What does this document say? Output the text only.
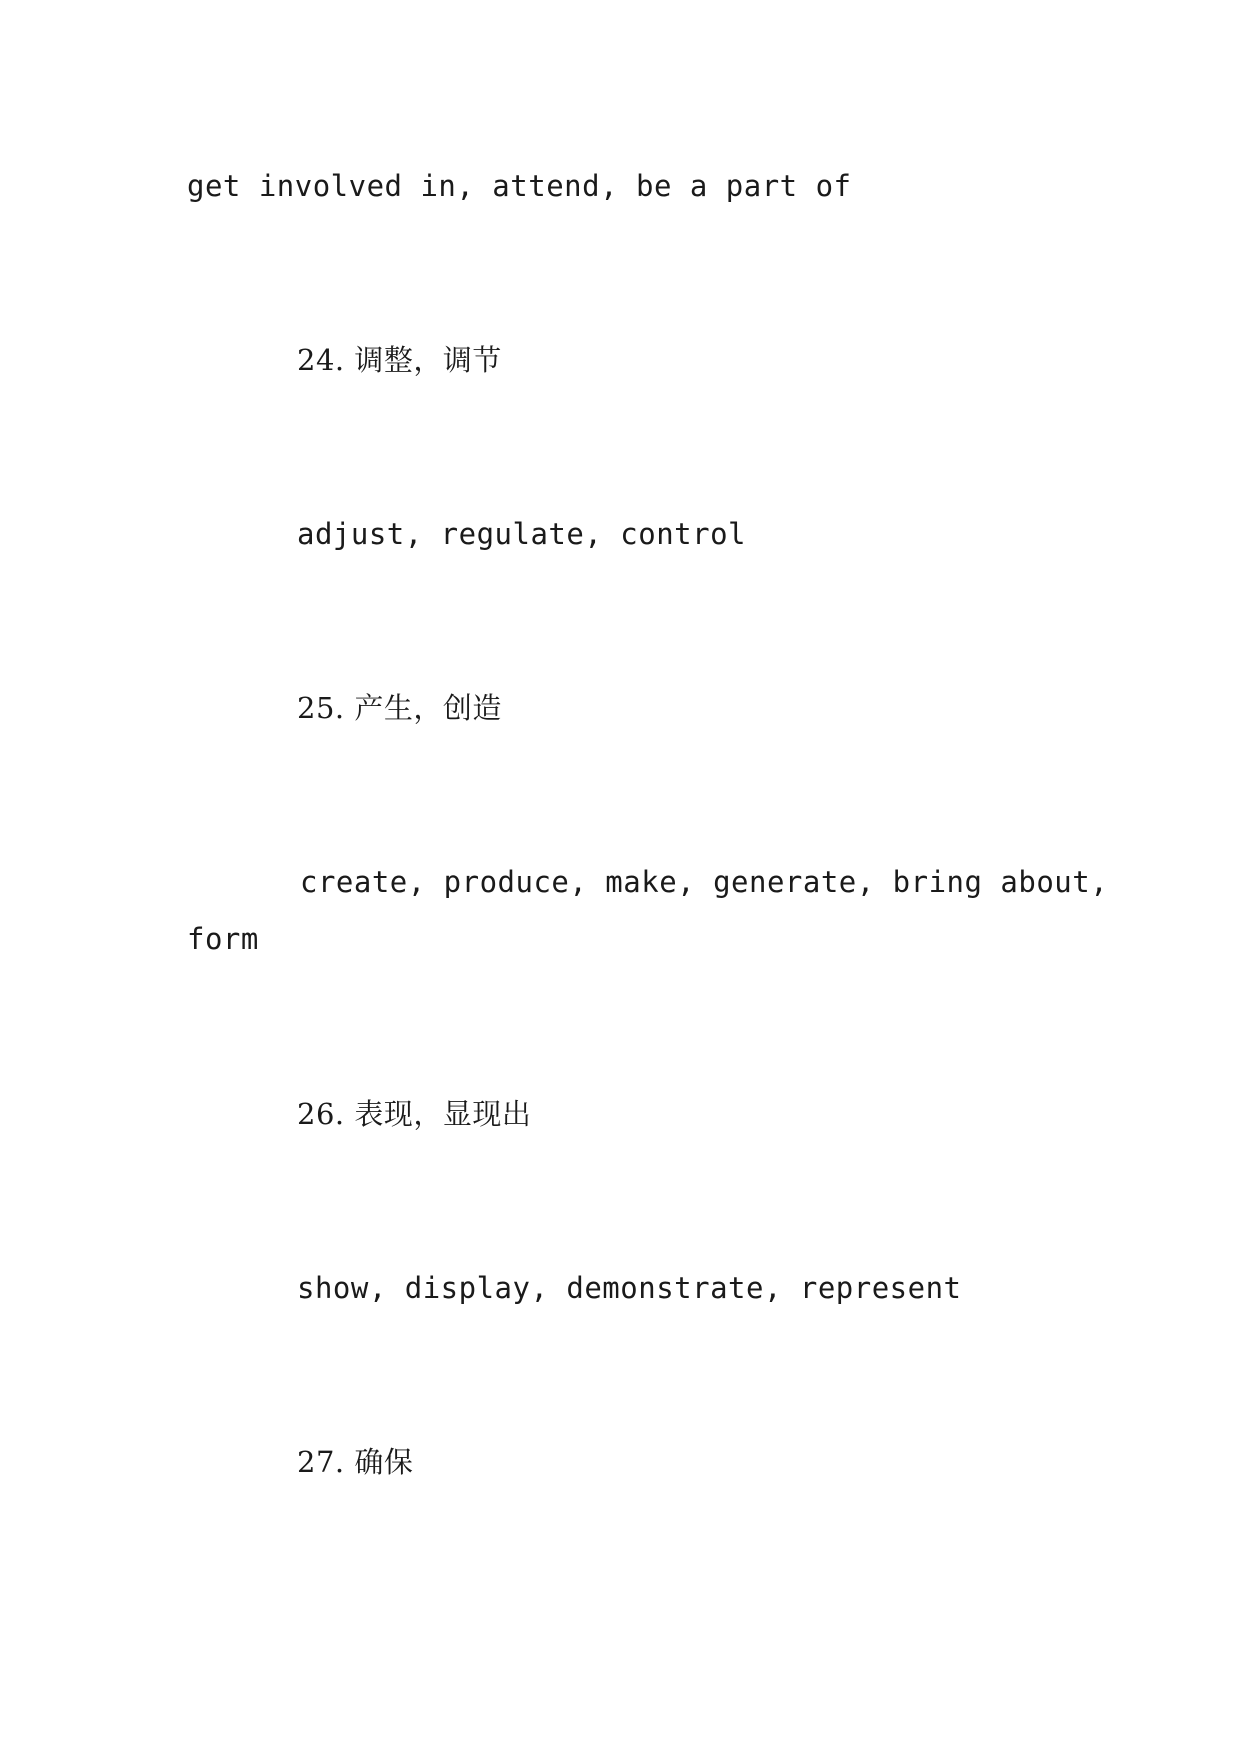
get involved in, attend, be a part of
24. 调整，调节
adjust, regulate, control
25. 产生，创造
create, produce, make, generate, bring about,
form
26. 表现，显现出
show, display, demonstrate, represent
27. 确保
